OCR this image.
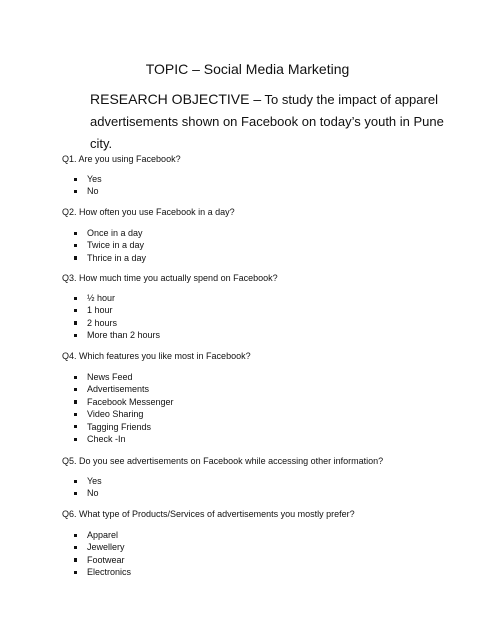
TOPIC – Social Media Marketing
RESEARCH OBJECTIVE – To study the impact of apparel advertisements shown on Facebook on today’s youth in Pune city.
Q1. Are you using Facebook?
Yes
No
Q2. How often you use Facebook in a day?
Once in a day
Twice in a day
Thrice in a day
Q3. How much time you actually spend on Facebook?
½ hour
1 hour
2 hours
More than 2 hours
Q4. Which features you like most in Facebook?
News Feed
Advertisements
Facebook Messenger
Video Sharing
Tagging Friends
Check -In
Q5. Do you see advertisements on Facebook while accessing other information?
Yes
No
Q6. What type of Products/Services of advertisements you mostly prefer?
Apparel
Jewellery
Footwear
Electronics
